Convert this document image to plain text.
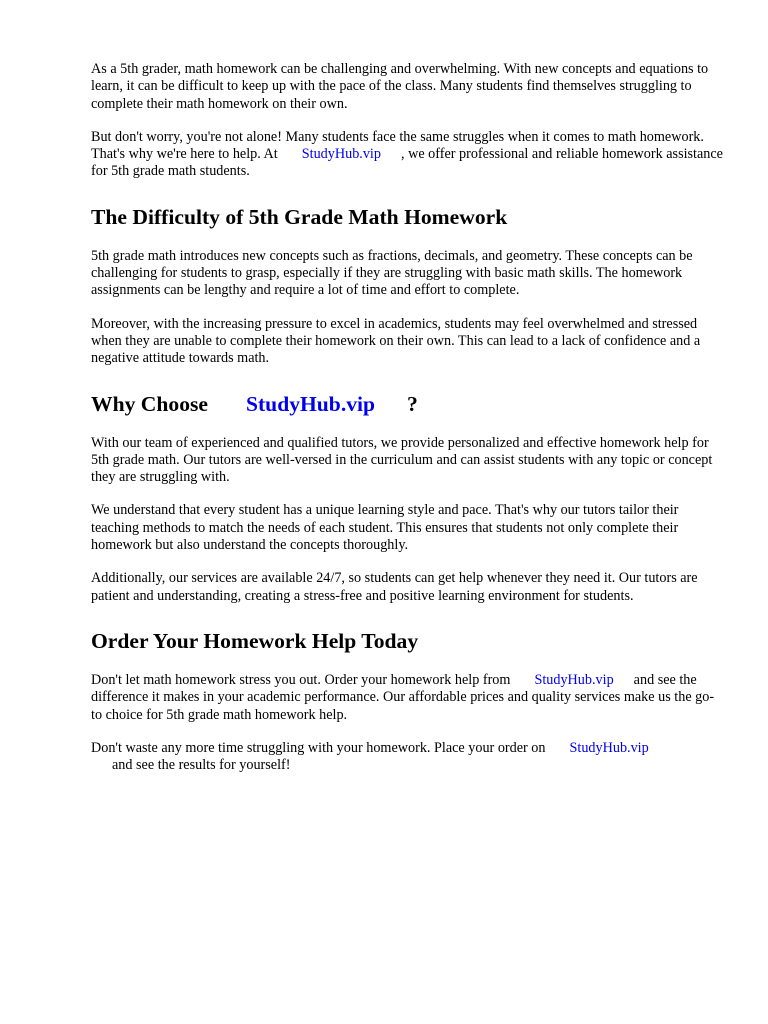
As a 5th grader, math homework can be challenging and overwhelming. With new concepts and equations to learn, it can be difficult to keep up with the pace of the class. Many students find themselves struggling to complete their math homework on their own.

But don't worry, you're not alone! Many students face the same struggles when it comes to math homework. That's why we're here to help. At StudyHub.vip , we offer professional and reliable homework assistance for 5th grade math students.

The Difficulty of 5th Grade Math Homework

5th grade math introduces new concepts such as fractions, decimals, and geometry. These concepts can be challenging for students to grasp, especially if they are struggling with basic math skills. The homework assignments can be lengthy and require a lot of time and effort to complete.

Moreover, with the increasing pressure to excel in academics, students may feel overwhelmed and stressed when they are unable to complete their homework on their own. This can lead to a lack of confidence and a negative attitude towards math.

Why Choose StudyHub.vip ?

With our team of experienced and qualified tutors, we provide personalized and effective homework help for 5th grade math. Our tutors are well-versed in the curriculum and can assist students with any topic or concept they are struggling with.

We understand that every student has a unique learning style and pace. That's why our tutors tailor their teaching methods to match the needs of each student. This ensures that students not only complete their homework but also understand the concepts thoroughly.

Additionally, our services are available 24/7, so students can get help whenever they need it. Our tutors are patient and understanding, creating a stress-free and positive learning environment for students.

Order Your Homework Help Today

Don't let math homework stress you out. Order your homework help from StudyHub.vip and see the difference it makes in your academic performance. Our affordable prices and quality services make us the go-to choice for 5th grade math homework help.

Don't waste any more time struggling with your homework. Place your order on StudyHub.vip
and see the results for yourself!
